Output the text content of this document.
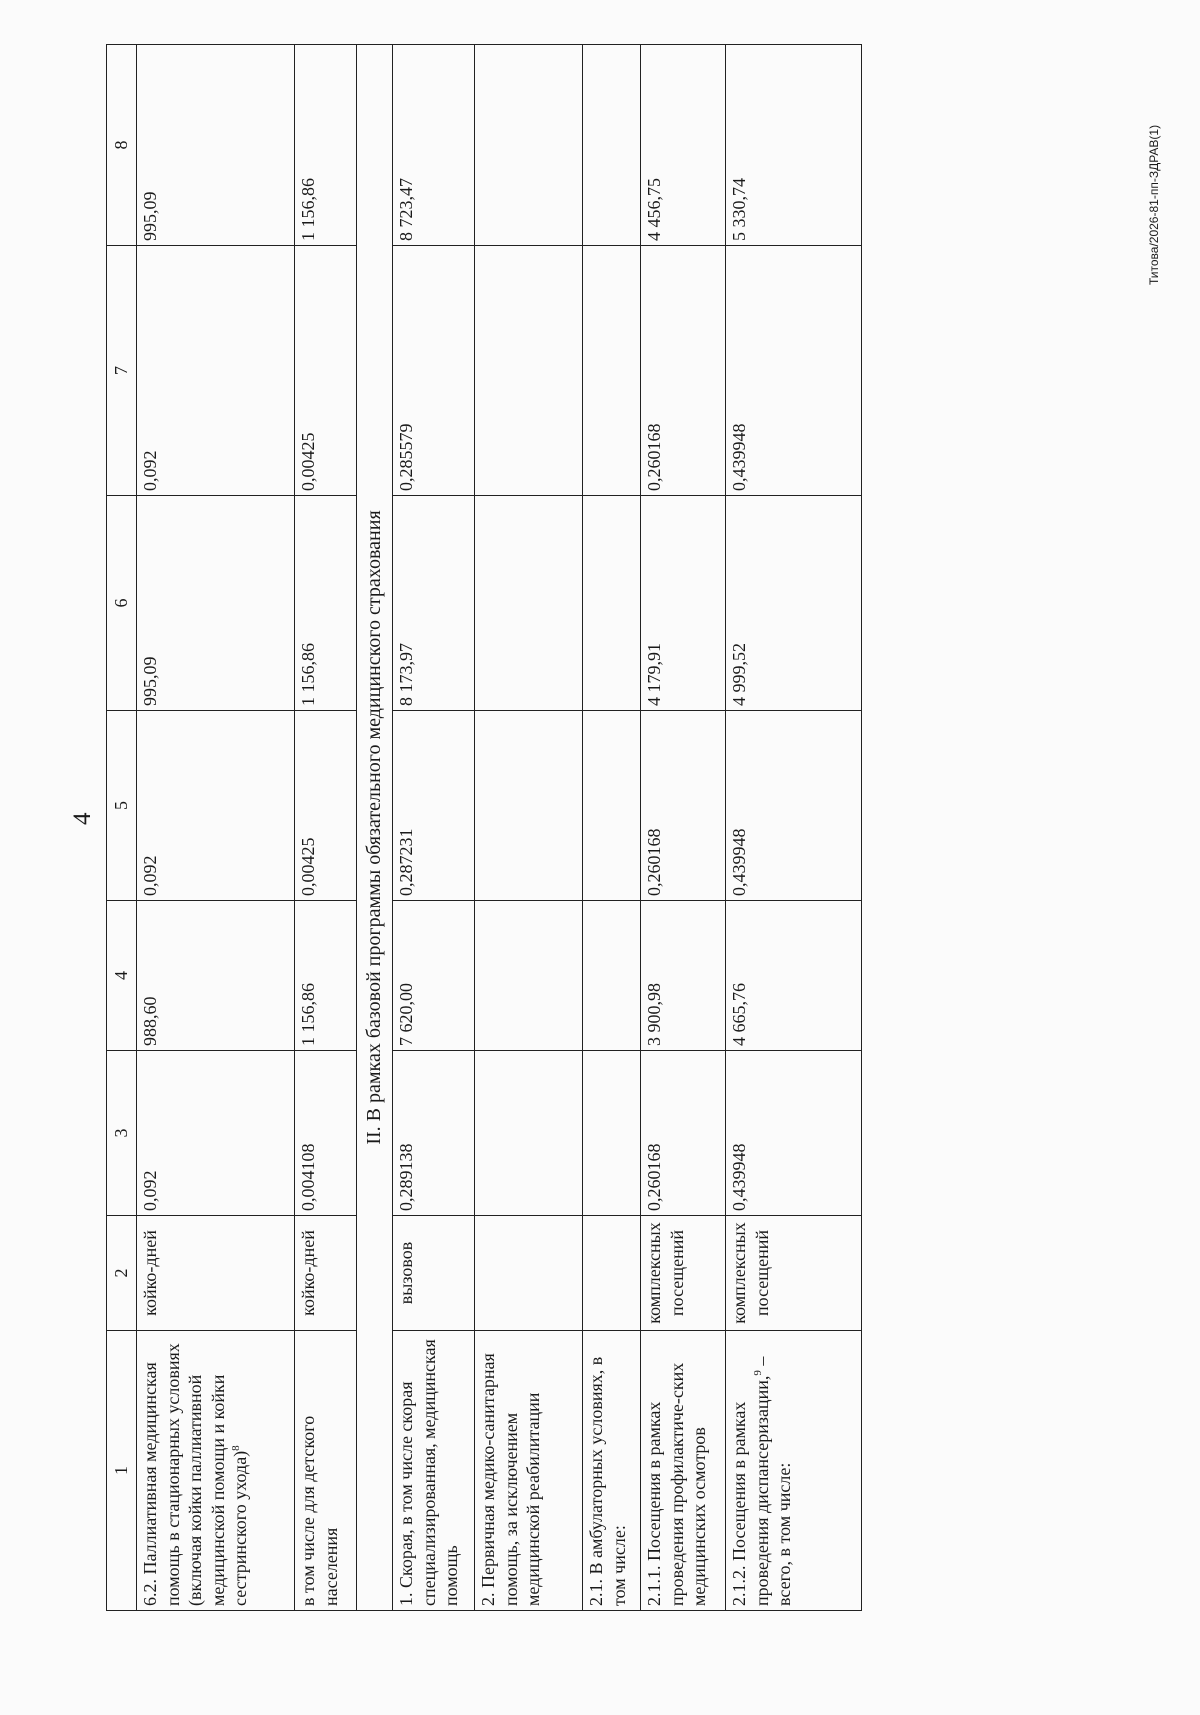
4
Титова/2026-81-пп-ЗДРАВ(1)
1	2	3	4	5	6	7	8
6.2. Паллиативная медицинская помощь в стационарных условиях (включая койки паллиативной медицинской помощи и койки сестринского ухода)$^8$	койко-дней	0,092	988,60	0,092	995,09	0,092	995,09
в том числе для детского населения	койко-дней	0,004108	1 156,86	0,00425	1 156,86	0,00425	1 156,86
II. В рамках базовой программы обязательного медицинского страхования							
1. Скорая, в том числе скорая специализированная, медицинская помощь	вызовов	0,289138	7 620,00	0,287231	8 173,97	0,285579	8 723,47
2. Первичная медико-санитарная помощь, за исключением медицинской реабилитации							
2.1. В амбулаторных условиях, в том числе:							
2.1.1. Посещения в рамках проведения профилактиче-ских медицинских осмотров	комплексных посещений	0,260168	3 900,98	0,260168	4 179,91	0,260168	4 456,75
2.1.2. Посещения в рамках проведения диспансеризации,$^9$ – всего, в том числе:	комплексных посещений	0,439948	4 665,76	0,439948	4 999,52	0,439948	5 330,74
